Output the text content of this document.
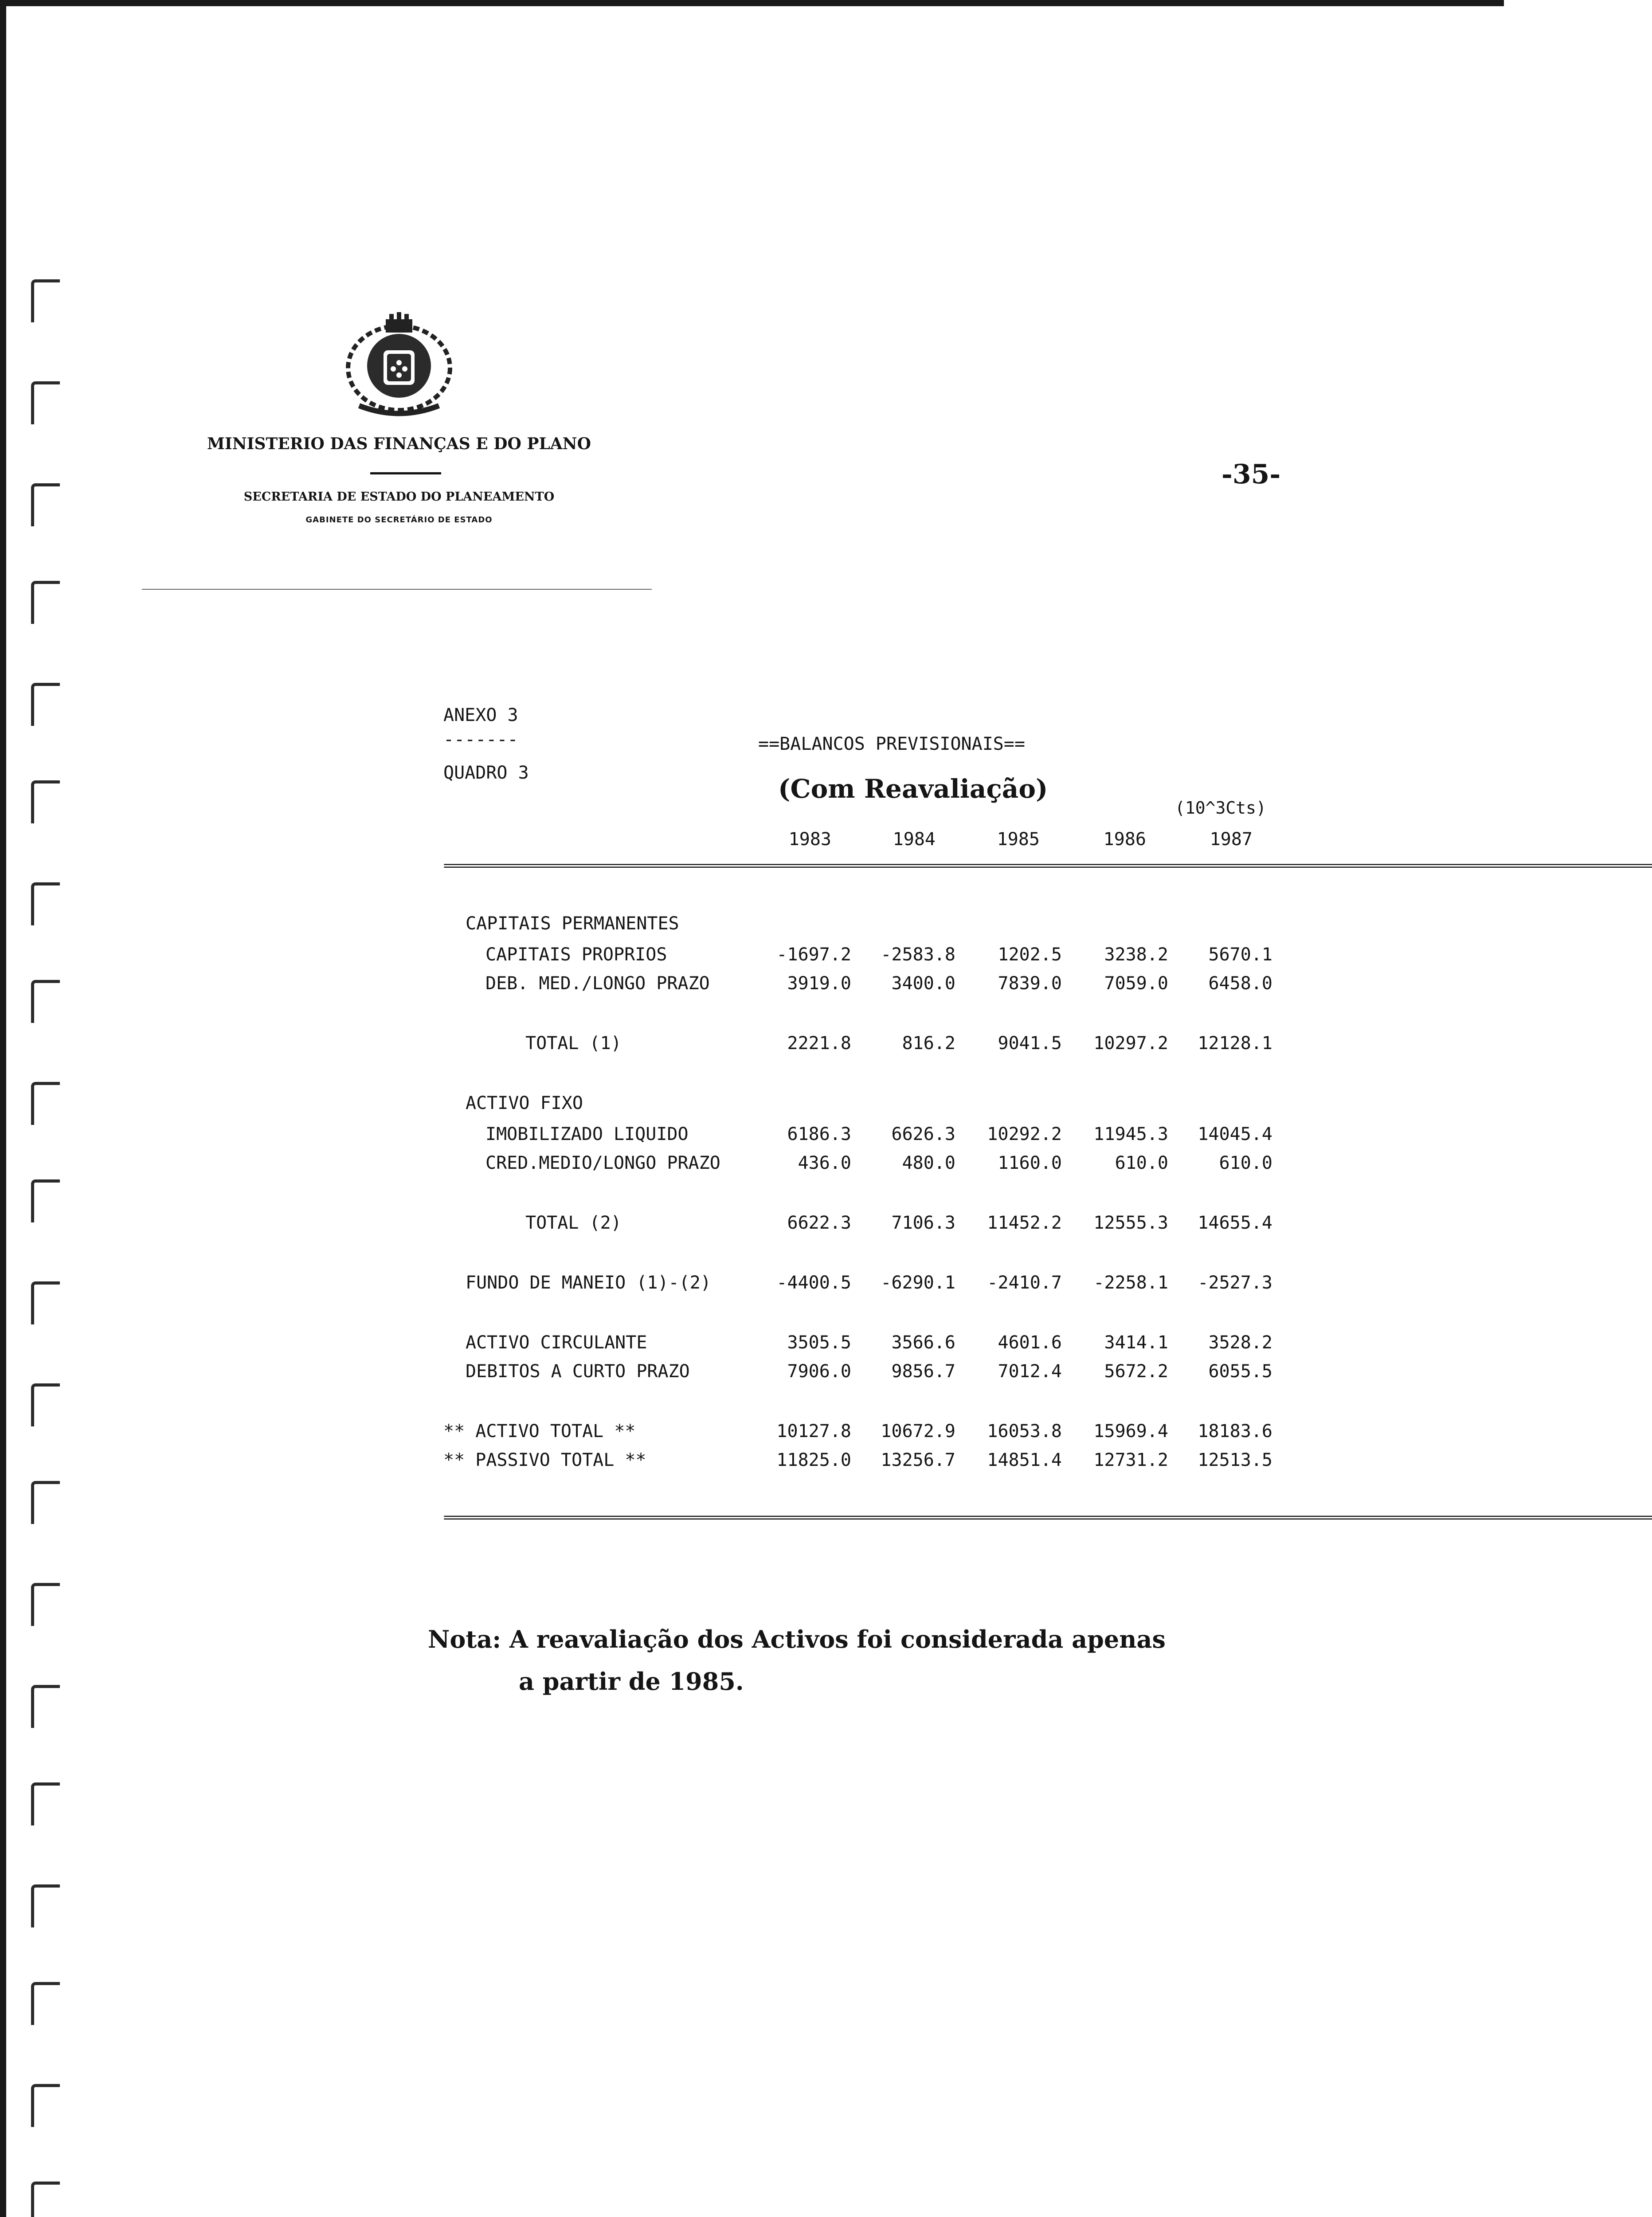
MINISTERIO DAS FINANÇAS E DO PLANO
SECRETARIA DE ESTADO DO PLANEAMENTO
GABINETE DO SECRETÁRIO DE ESTADO
-35-
ANEXO 3
-------
QUADRO 3
==BALANCOS PREVISIONAIS==
(Com Reavaliação)
(10^3Cts)
1983	1984	1985	1986	1987
==================================================================================================================================================================================================================================
CAPITAIS PERMANENTES
CAPITAIS PROPRIOS	-1697.2	-2583.8	1202.5	3238.2	5670.1
DEB. MED./LONGO PRAZO	3919.0	3400.0	7839.0	7059.0	6458.0
TOTAL (1)	2221.8	816.2	9041.5	10297.2	12128.1
ACTIVO FIXO
IMOBILIZADO LIQUIDO	6186.3	6626.3	10292.2	11945.3	14045.4
CRED.MEDIO/LONGO PRAZO	436.0	480.0	1160.0	610.0	610.0
TOTAL (2)	6622.3	7106.3	11452.2	12555.3	14655.4
FUNDO DE MANEIO (1)-(2)	-4400.5	-6290.1	-2410.7	-2258.1	-2527.3
ACTIVO CIRCULANTE	3505.5	3566.6	4601.6	3414.1	3528.2
DEBITOS A CURTO PRAZO	7906.0	9856.7	7012.4	5672.2	6055.5
** ACTIVO TOTAL **	10127.8	10672.9	16053.8	15969.4	18183.6
** PASSIVO TOTAL **	11825.0	13256.7	14851.4	12731.2	12513.5
==================================================================================================================================================================================================================================
Nota: A reavaliação dos Activos foi considerada apenas
a partir de 1985.
